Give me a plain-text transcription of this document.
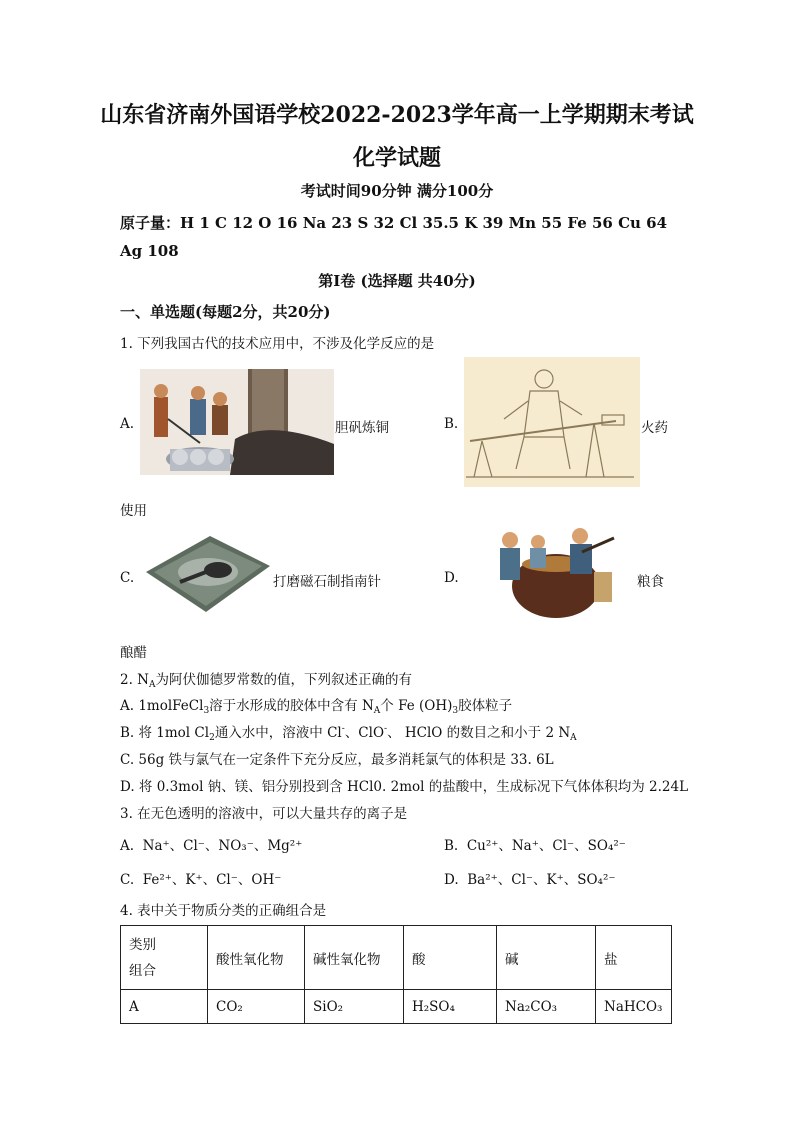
山东省济南外国语学校2022-2023学年高一上学期期末考试
化学试题
考试时间90分钟 满分100分
原子量：H 1 C 12 O 16 Na 23 S 32 Cl 35.5 K 39 Mn 55 Fe 56 Cu 64
Ag 108
第Ⅰ卷 (选择题 共40分)
一、单选题(每题2分，共20分)
1. 下列我国古代的技术应用中，不涉及化学反应的是
A.	胆矾炼铜	B.	火药
使用
C.	打磨磁石制指南针	D.	粮食
酿醋
2. $N_A$为阿伏伽德罗常数的值，下列叙述正确的有
A. 1molFeCl$_3$溶于水形成的胶体中含有 $N_A$个 Fe $(OH)_3$胶体粒子
B. 将 1mol $Cl_2$通入水中，溶液中 Cl-、ClO-、 HClO 的数目之和小于 2 $N_A$
C. 56g 铁与氯气在一定条件下充分反应，最多消耗氯气的体积是 33. 6L
D. 将 0.3mol 钠、镁、铝分别投到含 HCl0. 2mol 的盐酸中，生成标况下气体体积均为 2.24L
3. 在无色透明的溶液中，可以大量共存的离子是
A. Na⁺、Cl⁻、NO₃⁻、Mg²⁺	B. Cu²⁺、Na⁺、Cl⁻、SO₄²⁻
C. Fe²⁺、K⁺、Cl⁻、OH⁻	D. Ba²⁺、Cl⁻、K⁺、SO₄²⁻
4. 表中关于物质分类的正确组合是
类别
组合	酸性氧化物	碱性氧化物	酸	碱	盐
A	CO₂	SiO₂	H₂SO₄	Na₂CO₃	NaHCO₃
